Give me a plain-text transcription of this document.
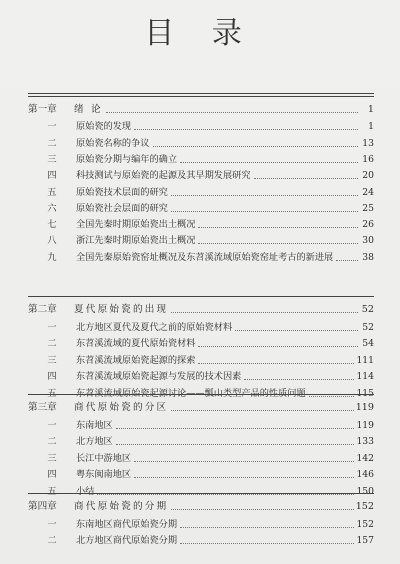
目 录
第一章	绪 论	1
一	原始瓷的发现	1
二	原始瓷名称的争议	13
三	原始瓷分期与编年的确立	16
四	科技测试与原始瓷的起源及其早期发展研究	20
五	原始瓷技术层面的研究	24
六	原始瓷社会层面的研究	25
七	全国先秦时期原始瓷出土概况	26
八	浙江先秦时期原始瓷出土概况	30
九	全国先秦原始瓷窑址概况及东苕溪流域原始瓷窑址考古的新进展	38
第二章	夏代原始瓷的出现	52
一	北方地区夏代及夏代之前的原始瓷材料	52
二	东苕溪流域的夏代原始瓷材料	54
三	东苕溪流域原始瓷起源的探索	111
四	东苕溪流域原始瓷起源与发展的技术因素	114
五	东苕溪流域原始瓷起源讨论——瓢山类型产品的性质问题	115
第三章	商代原始瓷的分区	119
一	东南地区	119
二	北方地区	133
三	长江中游地区	142
四	粤东闽南地区	146
五	小结	150
第四章	商代原始瓷的分期	152
一	东南地区商代原始瓷分期	152
二	北方地区商代原始瓷分期	157
